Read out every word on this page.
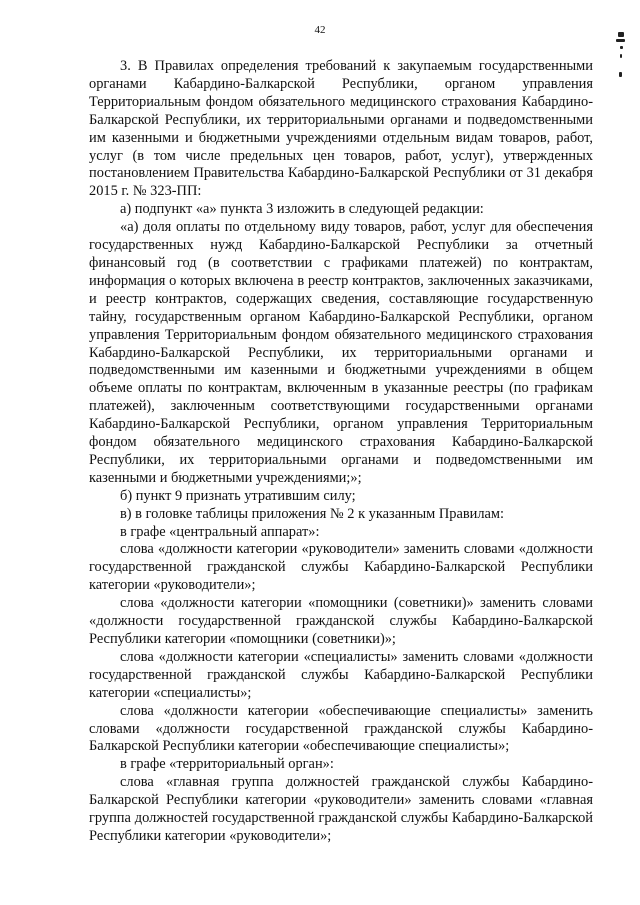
42

3. В Правилах определения требований к закупаемым государственными органами Кабардино-Балкарской Республики, органом управления Территориальным фондом обязательного медицинского страхования Кабардино-Балкарской Республики, их территориальными органами и подведомственными им казенными и бюджетными учреждениями отдельным видам товаров, работ, услуг (в том числе предельных цен товаров, работ, услуг), утвержденных постановлением Правительства Кабардино-Балкарской Республики от 31 декабря 2015 г. № 323-ПП:

а) подпункт «а» пункта 3 изложить в следующей редакции:

«а) доля оплаты по отдельному виду товаров, работ, услуг для обеспечения государственных нужд Кабардино-Балкарской Республики за отчетный финансовый год (в соответствии с графиками платежей) по контрактам, информация о которых включена в реестр контрактов, заключенных заказчиками, и реестр контрактов, содержащих сведения, составляющие государственную тайну, государственным органом Кабардино-Балкарской Республики, органом управления Территориальным фондом обязательного медицинского страхования Кабардино-Балкарской Республики, их территориальными органами и подведомственными им казенными и бюджетными учреждениями в общем объеме оплаты по контрактам, включенным в указанные реестры (по графикам платежей), заключенным соответствующими государственными органами Кабардино-Балкарской Республики, органом управления Территориальным фондом обязательного медицинского страхования Кабардино-Балкарской Республики, их территориальными органами и подведомственными им казенными и бюджетными учреждениями;»;

б) пункт 9 признать утратившим силу;

в) в головке таблицы приложения № 2 к указанным Правилам:

в графе «центральный аппарат»:

слова «должности категории «руководители» заменить словами «должности государственной гражданской службы Кабардино-Балкарской Республики категории «руководители»;

слова «должности категории «помощники (советники)» заменить словами «должности государственной гражданской службы Кабардино-Балкарской Республики категории «помощники (советники)»;

слова «должности категории «специалисты» заменить словами «должности государственной гражданской службы Кабардино-Балкарской Республики категории «специалисты»;

слова «должности категории «обеспечивающие специалисты» заменить словами «должности государственной гражданской службы Кабардино-Балкарской Республики категории «обеспечивающие специалисты»;

в графе «территориальный орган»:

слова «главная группа должностей гражданской службы Кабардино-Балкарской Республики категории «руководители» заменить словами «главная группа должностей государственной гражданской службы Кабардино-Балкарской Республики категории «руководители»;
